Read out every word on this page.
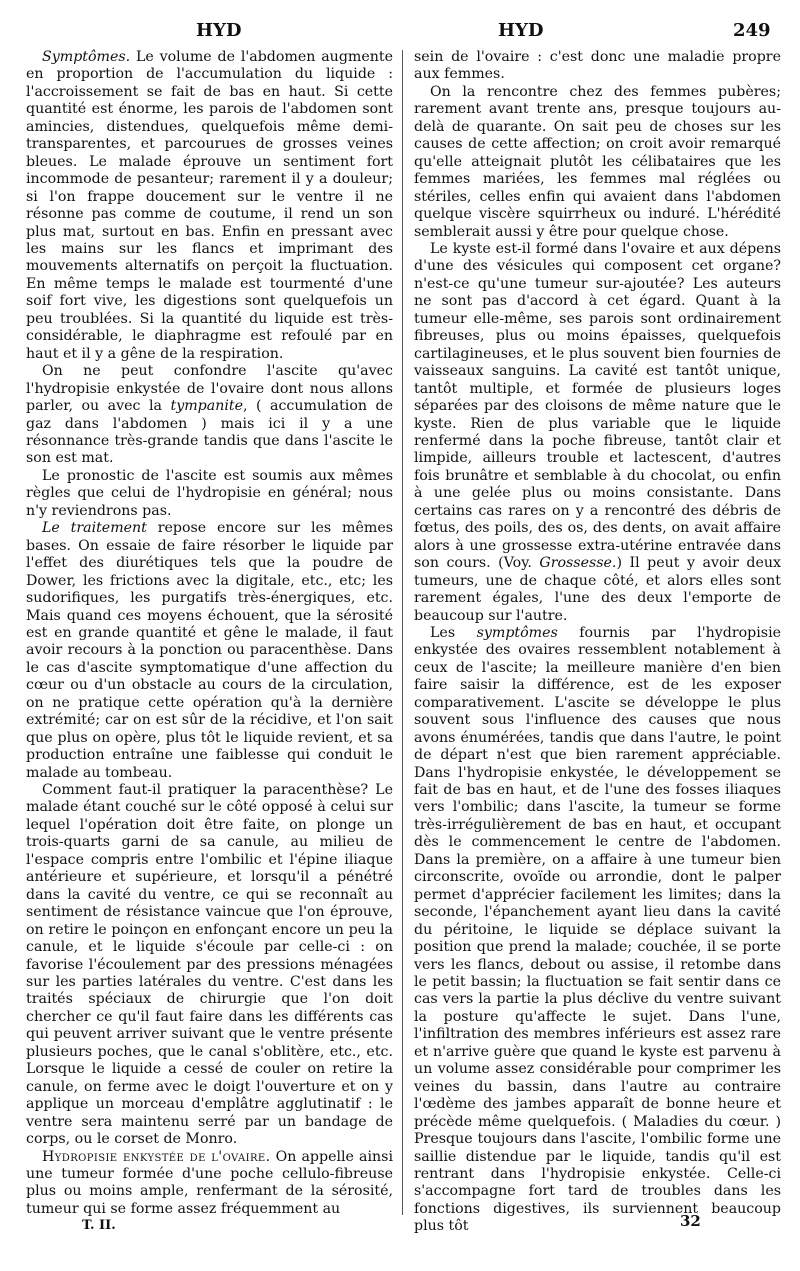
HYD	HYD	249

Symptômes. Le volume de l'abdomen augmente en proportion de l'accumulation du liquide : l'accroissement se fait de bas en haut. Si cette quantité est énorme, les parois de l'abdomen sont amincies, distendues, quelquefois même demi-transparentes, et parcourues de grosses veines bleues. Le malade éprouve un sentiment fort incommode de pesanteur; rarement il y a douleur; si l'on frappe doucement sur le ventre il ne résonne pas comme de coutume, il rend un son plus mat, surtout en bas. Enfin en pressant avec les mains sur les flancs et imprimant des mouvements alternatifs on perçoit la fluctuation. En même temps le malade est tourmenté d'une soif fort vive, les digestions sont quelquefois un peu troublées. Si la quantité du liquide est très-considérable, le diaphragme est refoulé par en haut et il y a gêne de la respiration.

On ne peut confondre l'ascite qu'avec l'hydropisie enkystée de l'ovaire dont nous allons parler, ou avec la tympanite, ( accumulation de gaz dans l'abdomen ) mais ici il y a une résonnance très-grande tandis que dans l'ascite le son est mat.

Le pronostic de l'ascite est soumis aux mêmes règles que celui de l'hydropisie en général; nous n'y reviendrons pas.

Le traitement repose encore sur les mêmes bases. On essaie de faire résorber le liquide par l'effet des diurétiques tels que la poudre de Dower, les frictions avec la digitale, etc., etc; les sudorifiques, les purgatifs très-énergiques, etc. Mais quand ces moyens échouent, que la sérosité est en grande quantité et gêne le malade, il faut avoir recours à la ponction ou paracenthèse. Dans le cas d'ascite symptomatique d'une affection du cœur ou d'un obstacle au cours de la circulation, on ne pratique cette opération qu'à la dernière extrémité; car on est sûr de la récidive, et l'on sait que plus on opère, plus tôt le liquide revient, et sa production entraîne une faiblesse qui conduit le malade au tombeau.

Comment faut-il pratiquer la paracenthèse? Le malade étant couché sur le côté opposé à celui sur lequel l'opération doit être faite, on plonge un trois-quarts garni de sa canule, au milieu de l'espace compris entre l'ombilic et l'épine iliaque antérieure et supérieure, et lorsqu'il a pénétré dans la cavité du ventre, ce qui se reconnaît au sentiment de résistance vaincue que l'on éprouve, on retire le poinçon en enfonçant encore un peu la canule, et le liquide s'écoule par celle-ci : on favorise l'écoulement par des pressions ménagées sur les parties latérales du ventre. C'est dans les traités spéciaux de chirurgie que l'on doit chercher ce qu'il faut faire dans les différents cas qui peuvent arriver suivant que le ventre présente plusieurs poches, que le canal s'oblitère, etc., etc. Lorsque le liquide a cessé de couler on retire la canule, on ferme avec le doigt l'ouverture et on y applique un morceau d'emplâtre agglutinatif : le ventre sera maintenu serré par un bandage de corps, ou le corset de Monro.

Hydropisie enkystée de l'ovaire. On appelle ainsi une tumeur formée d'une poche cellulo-fibreuse plus ou moins ample, renfermant de la sérosité, tumeur qui se forme assez fréquemment au

sein de l'ovaire : c'est donc une maladie propre aux femmes.

On la rencontre chez des femmes pubères; rarement avant trente ans, presque toujours au-delà de quarante. On sait peu de choses sur les causes de cette affection; on croit avoir remarqué qu'elle atteignait plutôt les célibataires que les femmes mariées, les femmes mal réglées ou stériles, celles enfin qui avaient dans l'abdomen quelque viscère squirrheux ou induré. L'hérédité semblerait aussi y être pour quelque chose.

Le kyste est-il formé dans l'ovaire et aux dépens d'une des vésicules qui composent cet organe? n'est-ce qu'une tumeur sur-ajoutée? Les auteurs ne sont pas d'accord à cet égard. Quant à la tumeur elle-même, ses parois sont ordinairement fibreuses, plus ou moins épaisses, quelquefois cartilagineuses, et le plus souvent bien fournies de vaisseaux sanguins. La cavité est tantôt unique, tantôt multiple, et formée de plusieurs loges séparées par des cloisons de même nature que le kyste. Rien de plus variable que le liquide renfermé dans la poche fibreuse, tantôt clair et limpide, ailleurs trouble et lactescent, d'autres fois brunâtre et semblable à du chocolat, ou enfin à une gelée plus ou moins consistante. Dans certains cas rares on y a rencontré des débris de fœtus, des poils, des os, des dents, on avait affaire alors à une grossesse extra-utérine entravée dans son cours. (Voy. Grossesse.) Il peut y avoir deux tumeurs, une de chaque côté, et alors elles sont rarement égales, l'une des deux l'emporte de beaucoup sur l'autre.

Les symptômes fournis par l'hydropisie enkystée des ovaires ressemblent notablement à ceux de l'ascite; la meilleure manière d'en bien faire saisir la différence, est de les exposer comparativement. L'ascite se développe le plus souvent sous l'influence des causes que nous avons énumérées, tandis que dans l'autre, le point de départ n'est que bien rarement appréciable. Dans l'hydropisie enkystée, le développement se fait de bas en haut, et de l'une des fosses iliaques vers l'ombilic; dans l'ascite, la tumeur se forme très-irrégulièrement de bas en haut, et occupant dès le commencement le centre de l'abdomen. Dans la première, on a affaire à une tumeur bien circonscrite, ovoïde ou arrondie, dont le palper permet d'apprécier facilement les limites; dans la seconde, l'épanchement ayant lieu dans la cavité du péritoine, le liquide se déplace suivant la position que prend la malade; couchée, il se porte vers les flancs, debout ou assise, il retombe dans le petit bassin; la fluctuation se fait sentir dans ce cas vers la partie la plus déclive du ventre suivant la posture qu'affecte le sujet. Dans l'une, l'infiltration des membres inférieurs est assez rare et n'arrive guère que quand le kyste est parvenu à un volume assez considérable pour comprimer les veines du bassin, dans l'autre au contraire l'œdème des jambes apparaît de bonne heure et précède même quelquefois. ( Maladies du cœur. ) Presque toujours dans l'ascite, l'ombilic forme une saillie distendue par le liquide, tandis qu'il est rentrant dans l'hydropisie enkystée. Celle-ci s'accompagne fort tard de troubles dans les fonctions digestives, ils surviennent beaucoup plus tôt

T. II.	32
